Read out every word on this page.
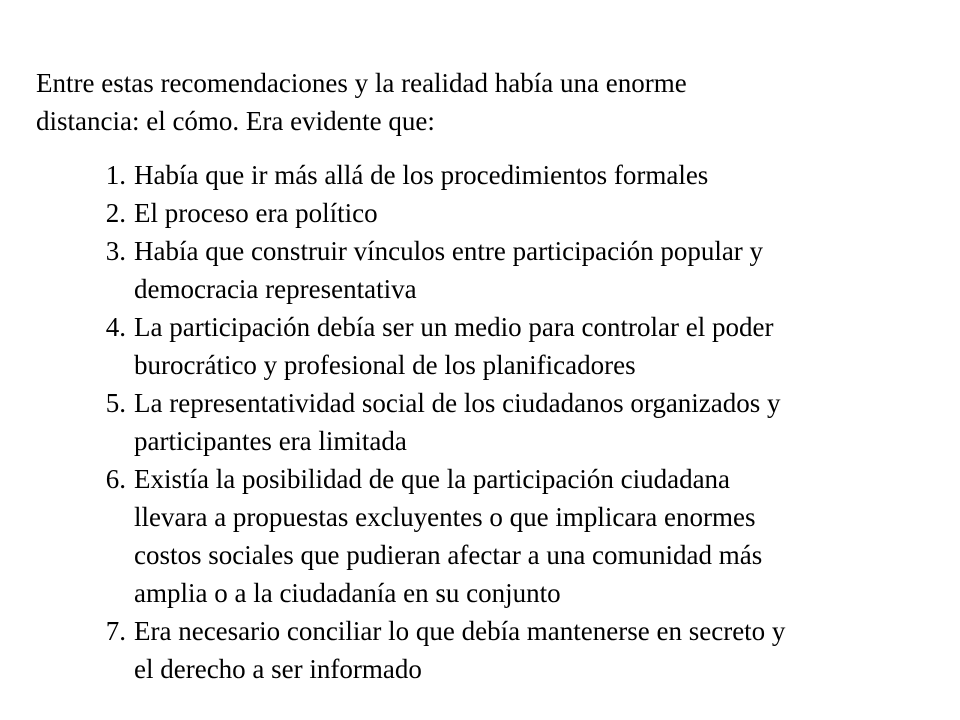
Entre estas recomendaciones y la realidad había una enorme
distancia: el cómo. Era evidente que:

1. Había que ir más allá de los procedimientos formales
2. El proceso era político
3. Había que construir vínculos entre participación popular y
democracia representativa
4. La participación debía ser un medio para controlar el poder
burocrático y profesional de los planificadores
5. La representatividad social de los ciudadanos organizados y
participantes era limitada
6. Existía la posibilidad de que la participación ciudadana
llevara a propuestas excluyentes o que implicara enormes
costos sociales que pudieran afectar a una comunidad más
amplia o a la ciudadanía en su conjunto
7. Era necesario conciliar lo que debía mantenerse en secreto y
el derecho a ser informado
